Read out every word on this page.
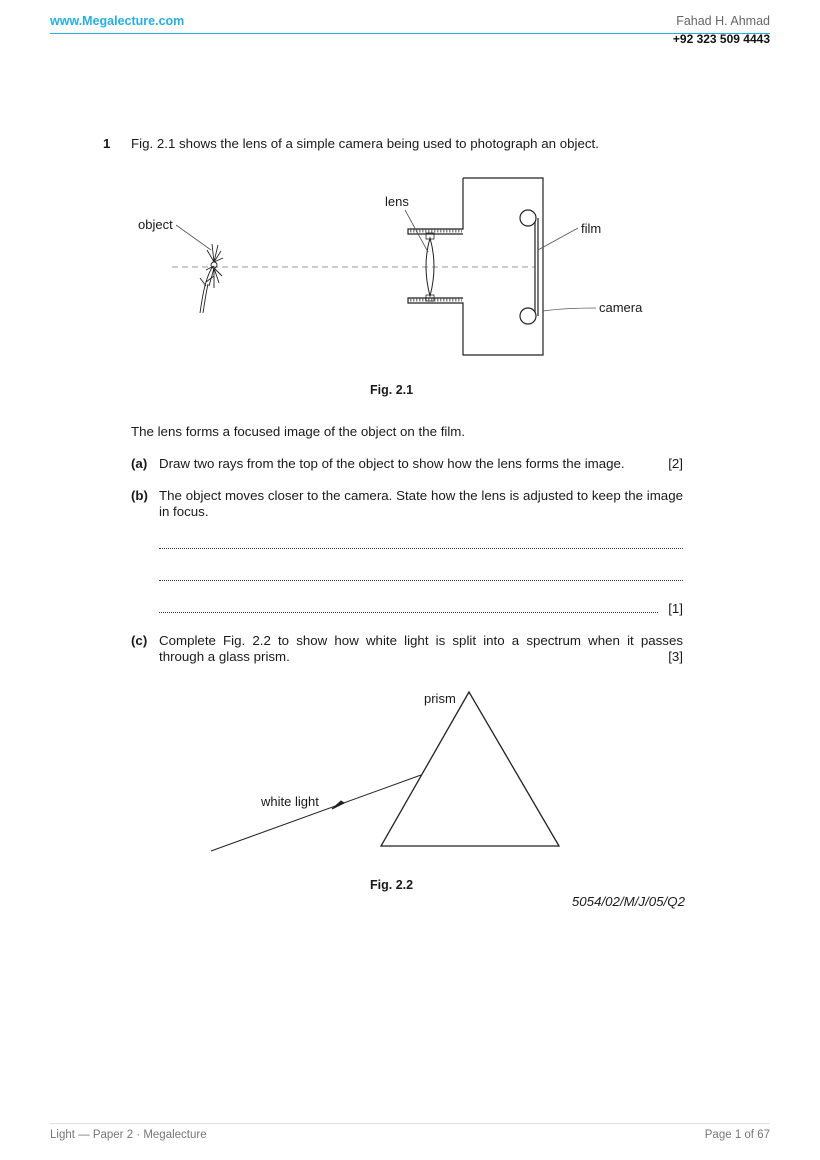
www.Megalecture.com	Fahad H. Ahmad
+92 323 509 4443
1 Fig. 2.1 shows the lens of a simple camera being used to photograph an object.
object
lens
film
camera
Fig. 2.1
The lens forms a focused image of the object on the film.
(a) Draw two rays from the top of the object to show how the lens forms the image.	[2]
(b) The object moves closer to the camera. State how the lens is adjusted to keep the image in focus.
[1]
(c) Complete Fig. 2.2 to show how white light is split into a spectrum when it passes
through a glass prism.	[3]
prism
white light
Fig. 2.2
5054/02/M/J/05/Q2
Light — Paper 2 · Megalecture	Page 1 of 67
